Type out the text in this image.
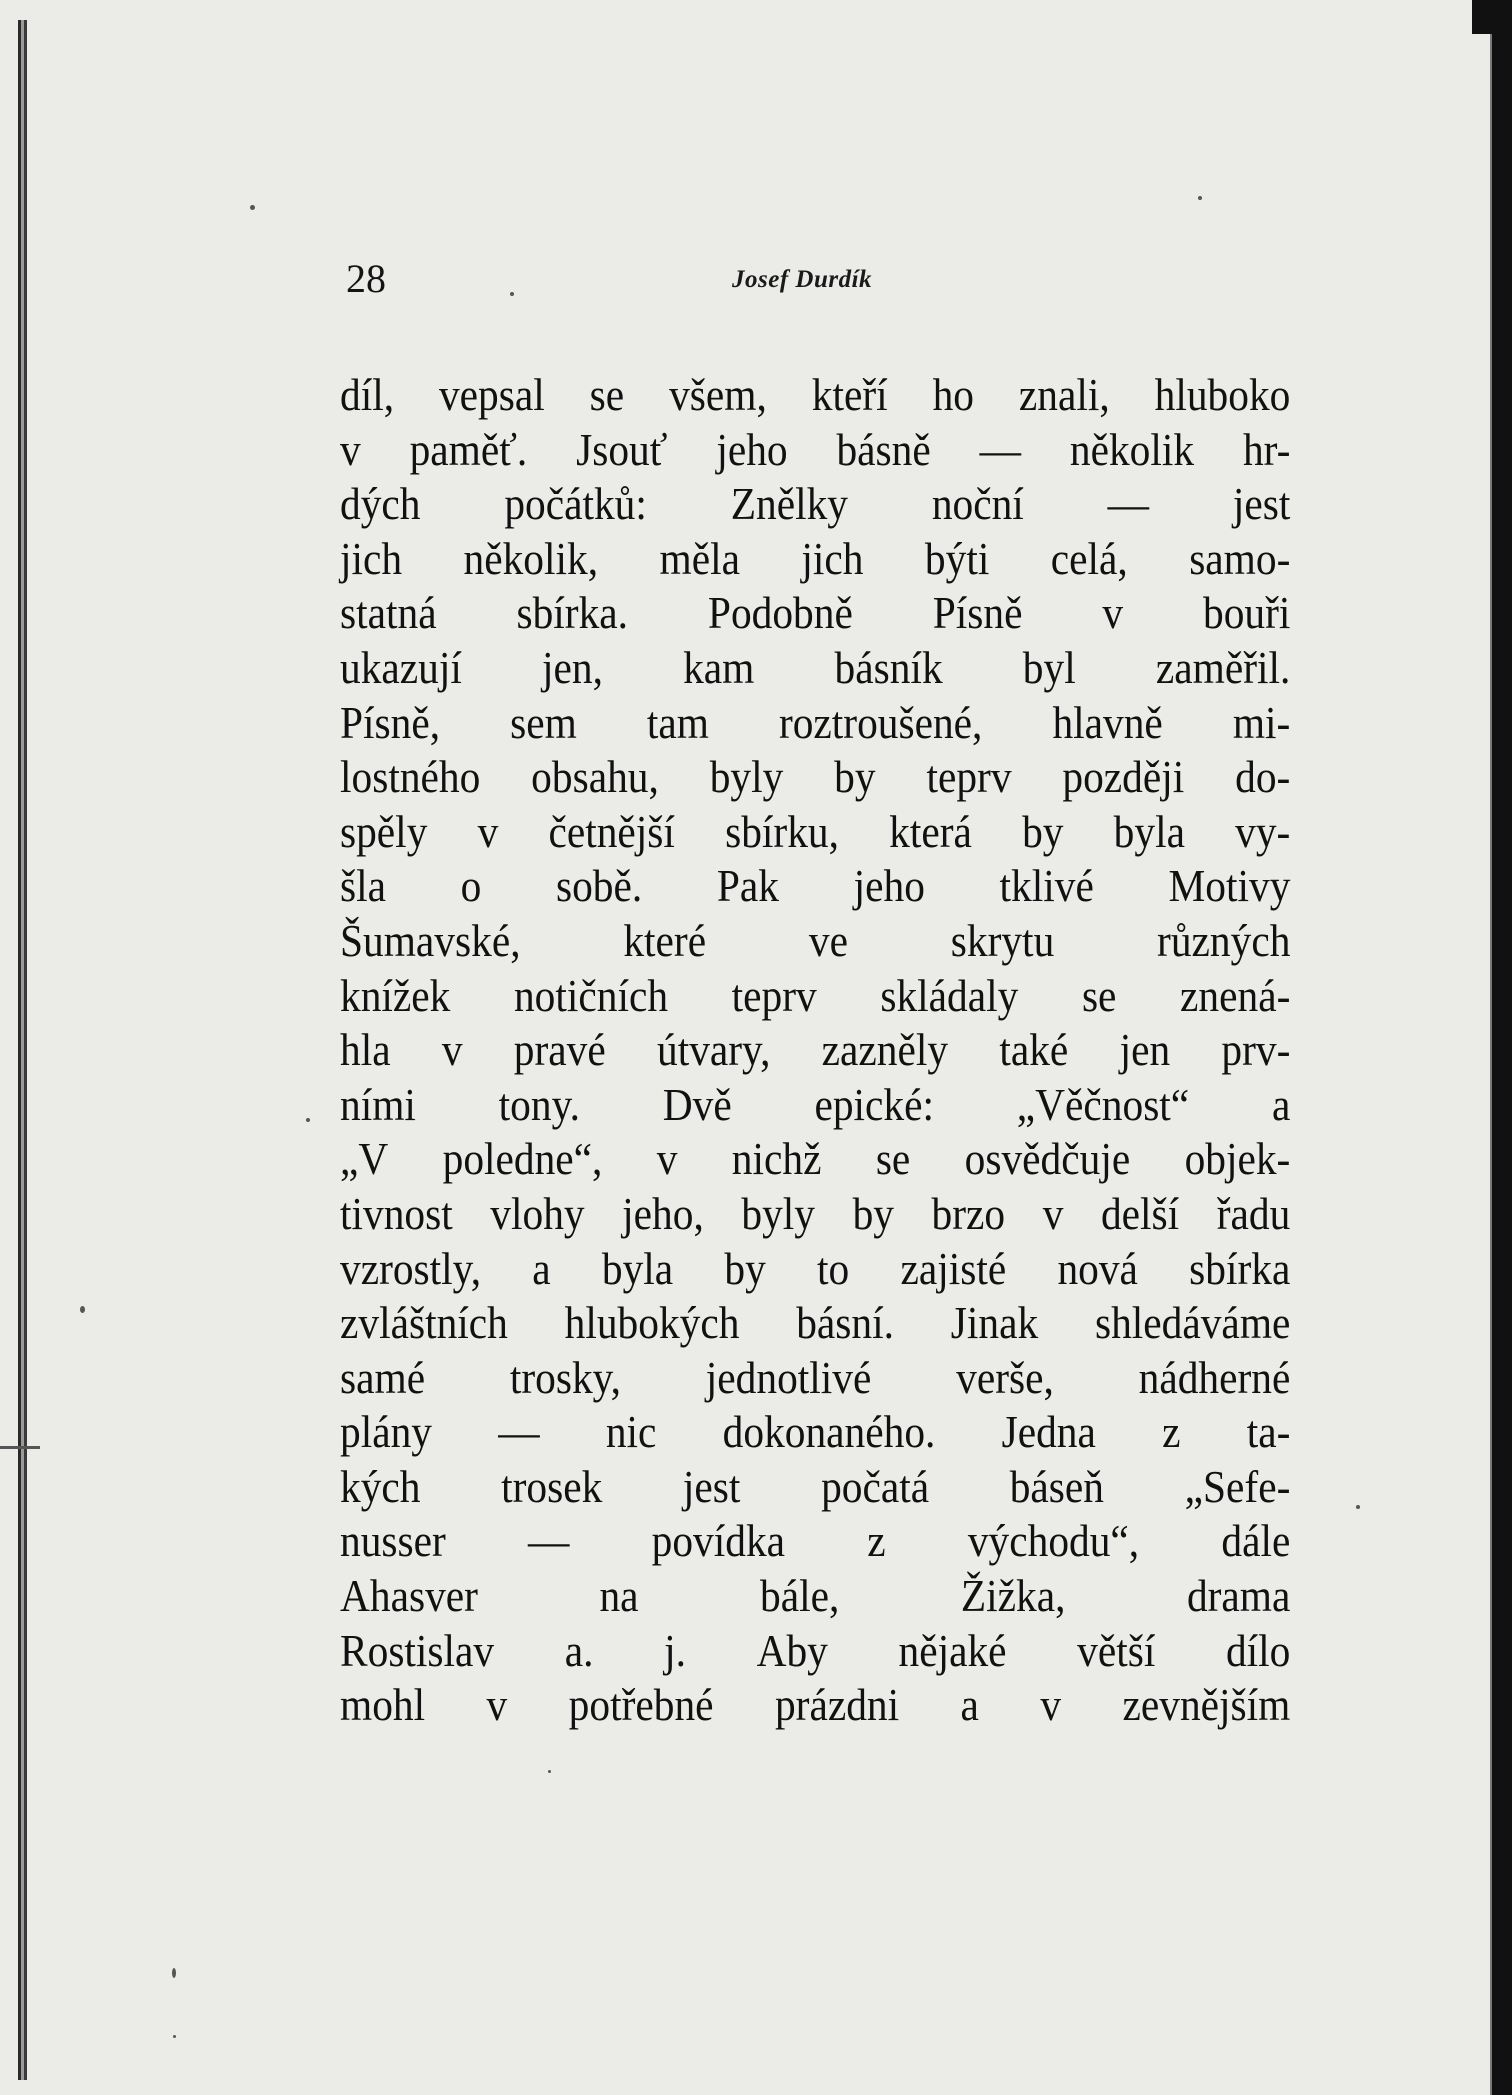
28	Josef Durdík
díl, vepsal se všem, kteří ho znali, hluboko
v paměť. Jsouť jeho básně — několik hr-
dých počátků: Znělky noční — jest
jich několik, měla jich býti celá, samo-
statná sbírka. Podobně Písně v bouři
ukazují jen, kam básník byl zaměřil.
Písně, sem tam roztroušené, hlavně mi-
lostného obsahu, byly by teprv později do-
spěly v četnější sbírku, která by byla vy-
šla o sobě. Pak jeho tklivé Motivy
Šumavské, které ve skrytu různých
knížek notičních teprv skládaly se znená-
hla v pravé útvary, zazněly také jen prv-
ními tony. Dvě epické: „Věčnost“ a
„V poledne“, v nichž se osvědčuje objek-
tivnost vlohy jeho, byly by brzo v delší řadu
vzrostly, a byla by to zajisté nová sbírka
zvláštních hlubokých básní. Jinak shledáváme
samé trosky, jednotlivé verše, nádherné
plány — nic dokonaného. Jedna z ta-
kých trosek jest počatá báseň „Sefe-
nusser — povídka z východu“, dále
Ahasver	na	bále,	Žižka,	drama
Rostislav a. j. Aby nějaké větší dílo
mohl v potřebné prázdni a v zevnějším
